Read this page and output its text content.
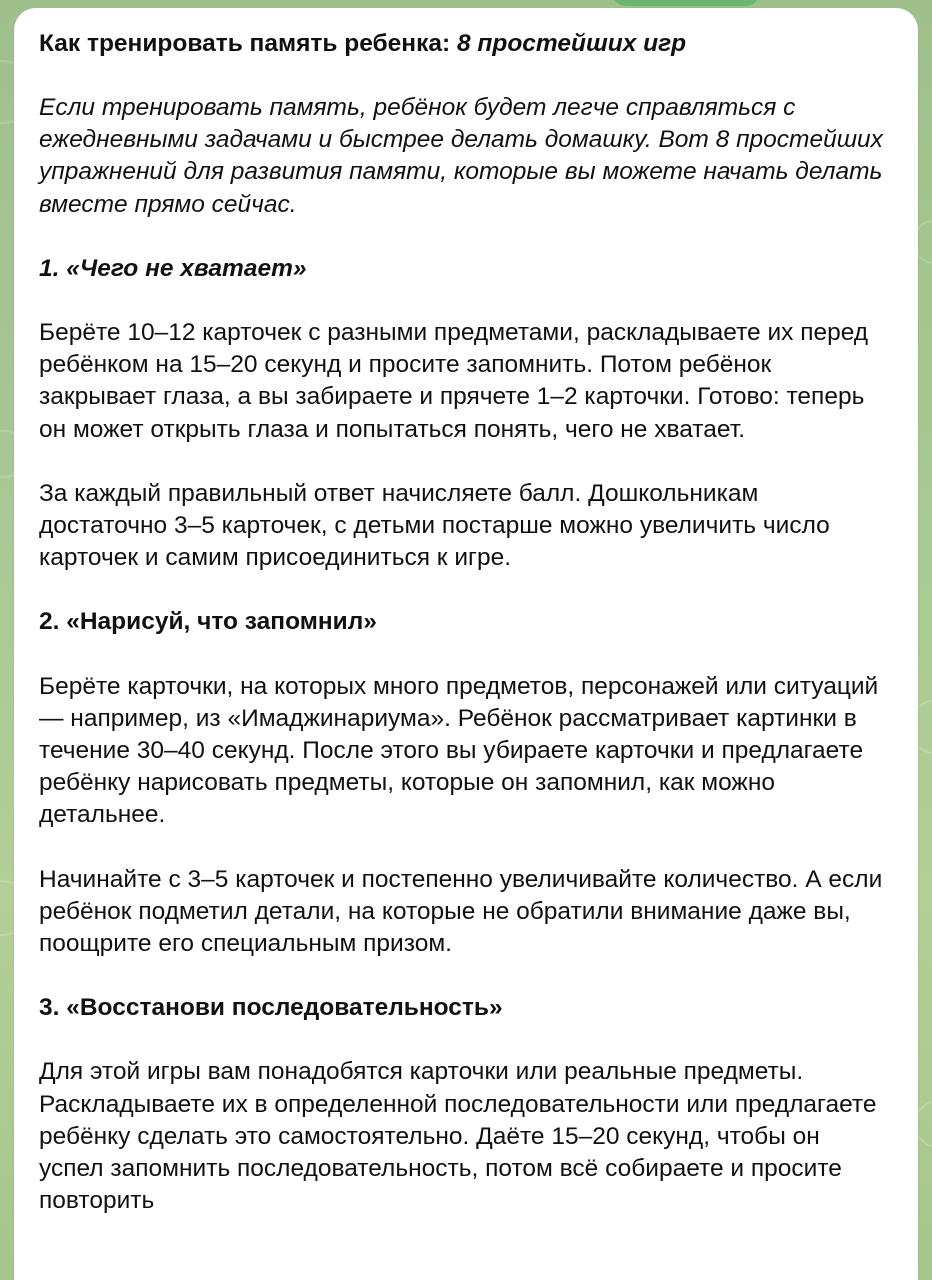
Как тренировать память ребенка: 8 простейших игр

Если тренировать память, ребёнок будет легче справляться с ежедневными задачами и быстрее делать домашку. Вот 8 простейших упражнений для развития памяти, которые вы можете начать делать вместе прямо сейчас.

1. «Чего не хватает»

Берёте 10–12 карточек с разными предметами, раскладываете их перед ребёнком на 15–20 секунд и просите запомнить. Потом ребёнок закрывает глаза, а вы забираете и прячете 1–2 карточки. Готово: теперь он может открыть глаза и попытаться понять, чего не хватает.

За каждый правильный ответ начисляете балл. Дошкольникам достаточно 3–5 карточек, с детьми постарше можно увеличить число карточек и самим присоединиться к игре.

2. «Нарисуй, что запомнил»

Берёте карточки, на которых много предметов, персонажей или ситуаций — например, из «Имаджинариума». Ребёнок рассматривает картинки в течение 30–40 секунд. После этого вы убираете карточки и предлагаете ребёнку нарисовать предметы, которые он запомнил, как можно детальнее.

Начинайте с 3–5 карточек и постепенно увеличивайте количество. А если ребёнок подметил детали, на которые не обратили внимание даже вы, поощрите его специальным призом.

3. «Восстанови последовательность»

Для этой игры вам понадобятся карточки или реальные предметы. Раскладываете их в определенной последовательности или предлагаете ребёнку сделать это самостоятельно. Даёте 15–20 секунд, чтобы он успел запомнить последовательность, потом всё собираете и просите повторить
